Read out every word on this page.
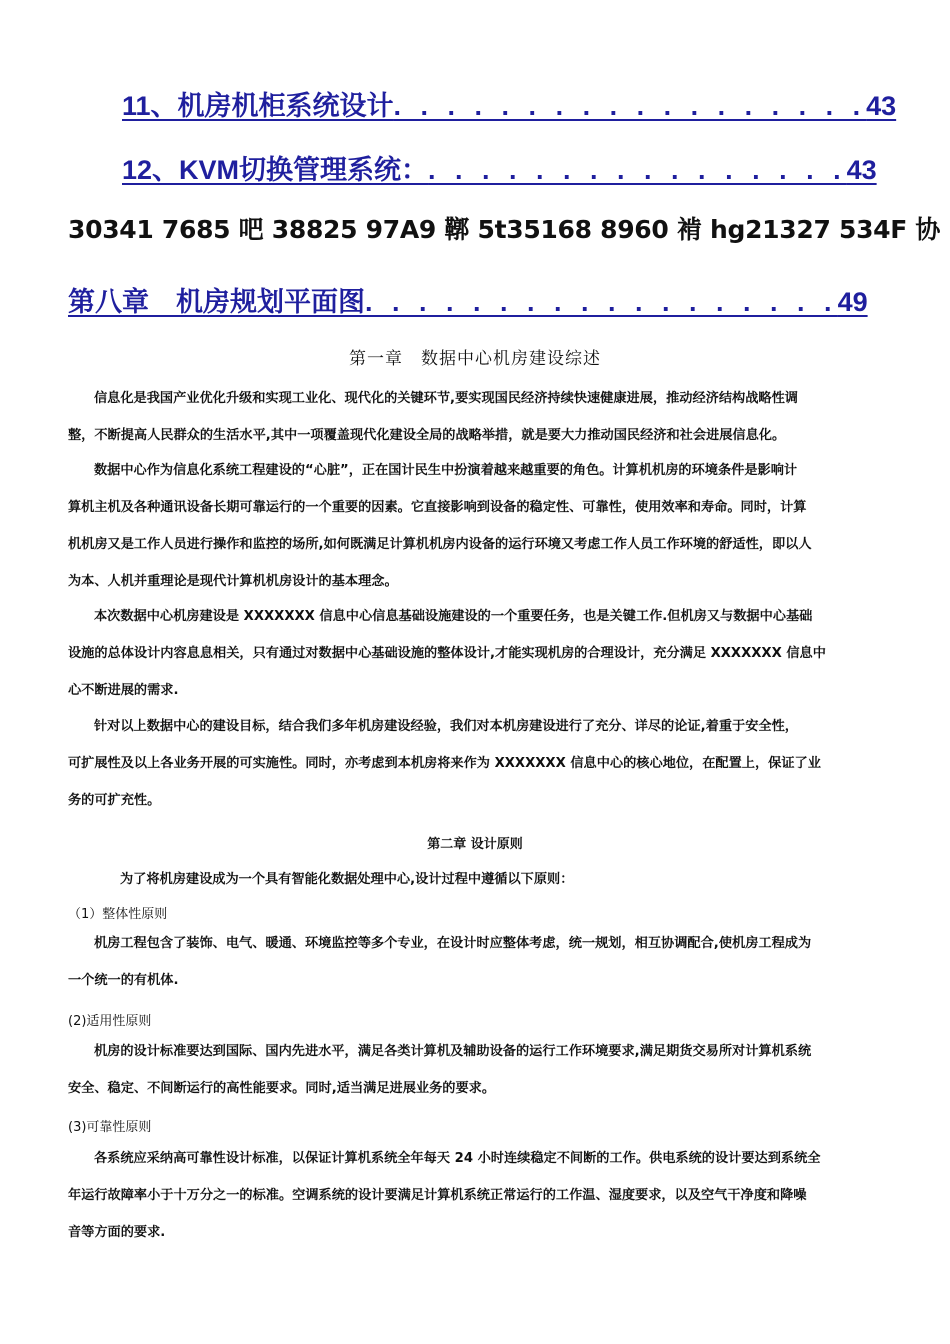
11、机房机柜系统设计. . . . . . . . . . . . . . . . . .43
12、KVM切换管理系统：. . . . . . . . . . . . . . . .43
30341 7685 吧 38825 97A9 鞹 5t35168 8960 褃 hg21327 534F 协
第八章　机房规划平面图. . . . . . . . . . . . . . . . . .49
第一章　数据中心机房建设综述
信息化是我国产业优化升级和实现工业化、现代化的关键环节,要实现国民经济持续快速健康进展，推动经济结构战略性调
整，不断提高人民群众的生活水平,其中一项覆盖现代化建设全局的战略举措，就是要大力推动国民经济和社会进展信息化。
数据中心作为信息化系统工程建设的“心脏”，正在国计民生中扮演着越来越重要的角色。计算机机房的环境条件是影响计
算机主机及各种通讯设备长期可靠运行的一个重要的因素。它直接影响到设备的稳定性、可靠性，使用效率和寿命。同时，计算
机机房又是工作人员进行操作和监控的场所,如何既满足计算机机房内设备的运行环境又考虑工作人员工作环境的舒适性，即以人
为本、人机并重理论是现代计算机机房设计的基本理念。
本次数据中心机房建设是 XXXXXXX 信息中心信息基础设施建设的一个重要任务，也是关键工作.但机房又与数据中心基础
设施的总体设计内容息息相关，只有通过对数据中心基础设施的整体设计,才能实现机房的合理设计，充分满足 XXXXXXX 信息中
心不断进展的需求.
针对以上数据中心的建设目标，结合我们多年机房建设经验，我们对本机房建设进行了充分、详尽的论证,着重于安全性，
可扩展性及以上各业务开展的可实施性。同时，亦考虑到本机房将来作为 XXXXXXX 信息中心的核心地位，在配置上，保证了业
务的可扩充性。
第二章 设计原则
为了将机房建设成为一个具有智能化数据处理中心,设计过程中遵循以下原则：
（1）整体性原则
机房工程包含了装饰、电气、暖通、环境监控等多个专业，在设计时应整体考虑，统一规划，相互协调配合,使机房工程成为
一个统一的有机体.
(2)适用性原则
机房的设计标准要达到国际、国内先进水平，满足各类计算机及辅助设备的运行工作环境要求,满足期货交易所对计算机系统
安全、稳定、不间断运行的高性能要求。同时,适当满足进展业务的要求。
(3)可靠性原则
各系统应采纳高可靠性设计标准，以保证计算机系统全年每天 24 小时连续稳定不间断的工作。供电系统的设计要达到系统全
年运行故障率小于十万分之一的标准。空调系统的设计要满足计算机系统正常运行的工作温、湿度要求，以及空气干净度和降噪
音等方面的要求.
